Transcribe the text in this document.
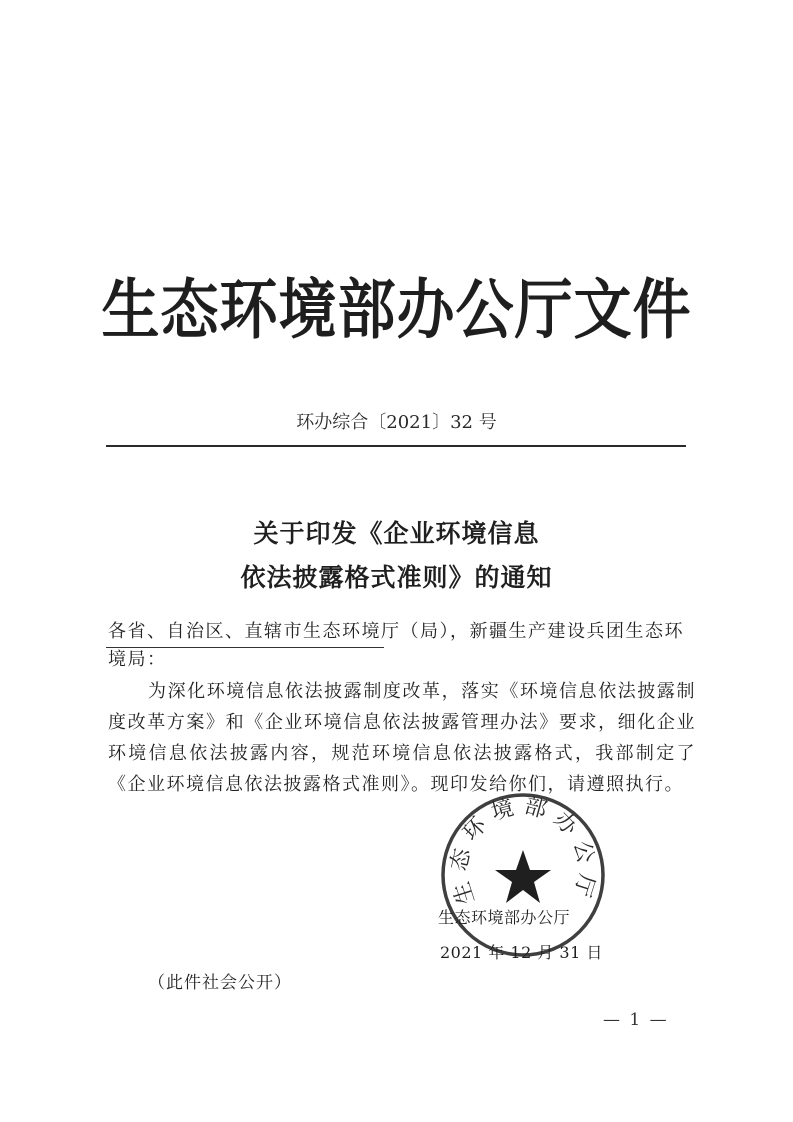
生态环境部办公厅文件
环办综合〔2021〕32 号
关于印发《企业环境信息
依法披露格式准则》的通知
各省、自治区、直辖市生态环境厅（局），新疆生产建设兵团生态环境局：
为深化环境信息依法披露制度改革，落实《环境信息依法披露制度改革方案》和《企业环境信息依法披露管理办法》要求，细化企业环境信息依法披露内容，规范环境信息依法披露格式，我部制定了《企业环境信息依法披露格式准则》。现印发给你们，请遵照执行。
生态环境部办公厅
生态环境部办公厅
2021 年 12 月 31 日
（此件社会公开）
— 1 —
